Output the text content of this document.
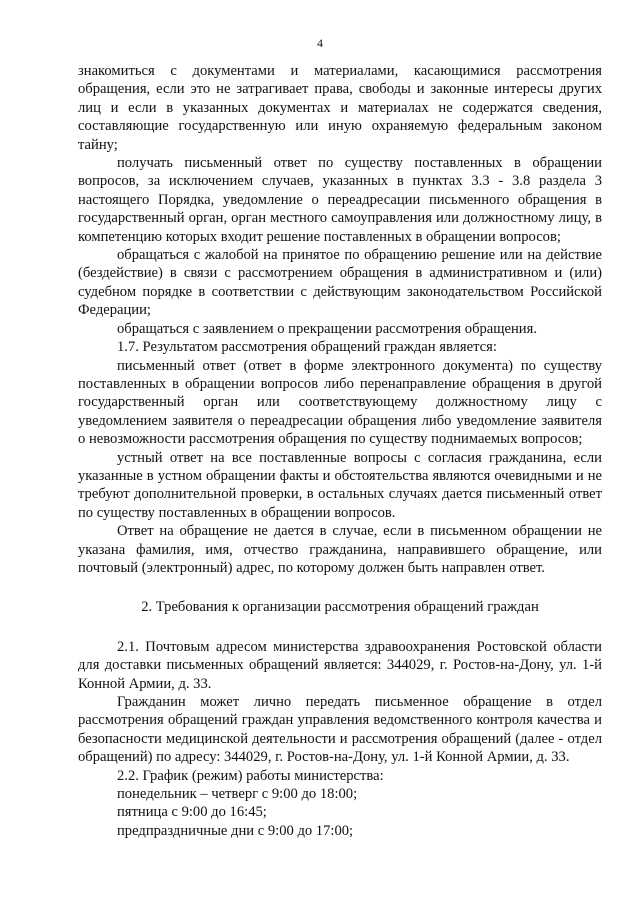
4

знакомиться с документами и материалами, касающимися рассмотрения обращения, если это не затрагивает права, свободы и законные интересы других лиц и если в указанных документах и материалах не содержатся сведения, составляющие государственную или иную охраняемую федеральным законом тайну;

получать письменный ответ по существу поставленных в обращении вопросов, за исключением случаев, указанных в пунктах 3.3 - 3.8 раздела 3 настоящего Порядка, уведомление о переадресации письменного обращения в государственный орган, орган местного самоуправления или должностному лицу, в компетенцию которых входит решение поставленных в обращении вопросов;

обращаться с жалобой на принятое по обращению решение или на действие (бездействие) в связи с рассмотрением обращения в административном и (или) судебном порядке в соответствии с действующим законодательством Российской Федерации;

обращаться с заявлением о прекращении рассмотрения обращения.

1.7. Результатом рассмотрения обращений граждан является:

письменный ответ (ответ в форме электронного документа) по существу поставленных в обращении вопросов либо перенаправление обращения в другой государственный орган или соответствующему должностному лицу с уведомлением заявителя о переадресации обращения либо уведомление заявителя о невозможности рассмотрения обращения по существу поднимаемых вопросов;

устный ответ на все поставленные вопросы с согласия гражданина, если указанные в устном обращении факты и обстоятельства являются очевидными и не требуют дополнительной проверки, в остальных случаях дается письменный ответ по существу поставленных в обращении вопросов.

Ответ на обращение не дается в случае, если в письменном обращении не указана фамилия, имя, отчество гражданина, направившего обращение, или почтовый (электронный) адрес, по которому должен быть направлен ответ.

2. Требования к организации рассмотрения обращений граждан

2.1. Почтовым адресом министерства здравоохранения Ростовской области для доставки письменных обращений является: 344029, г. Ростов-на-Дону, ул. 1-й Конной Армии, д. 33.

Гражданин может лично передать письменное обращение в отдел рассмотрения обращений граждан управления ведомственного контроля качества и безопасности медицинской деятельности и рассмотрения обращений (далее - отдел обращений) по адресу: 344029, г. Ростов-на-Дону, ул. 1-й Конной Армии, д. 33.

2.2. График (режим) работы министерства:

понедельник – четверг с 9:00 до 18:00;

пятница с 9:00 до 16:45;

предпраздничные дни с 9:00 до 17:00;
